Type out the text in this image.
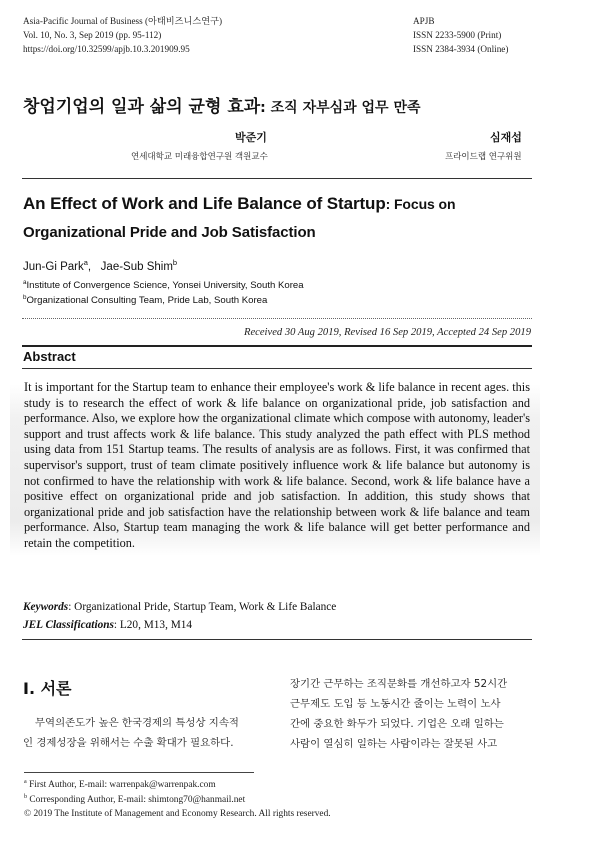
Asia-Pacific Journal of Business (아태비즈니스연구)
Vol. 10, No. 3, Sep 2019 (pp. 95-112)
https://doi.org/10.32599/apjb.10.3.201909.95
APJB
ISSN 2233-5900 (Print)
ISSN 2384-3934 (Online)
창업기업의 일과 삶의 균형 효과: 조직 자부심과 업무 만족
박준기
연세대학교 미래융합연구원 객원교수
심재섭
프라이드랩 연구위원
An Effect of Work and Life Balance of Startup: Focus on
Organizational Pride and Job Satisfaction
Jun-Gi Park$^a$, Jae-Sub Shim$^b$
$^a$Institute of Convergence Science, Yonsei University, South Korea
$^b$Organizational Consulting Team, Pride Lab, South Korea
Received 30 Aug 2019, Revised 16 Sep 2019, Accepted 24 Sep 2019
Abstract
It is important for the Startup team to enhance their employee's work & life balance in recent ages. this study is to research the effect of work & life balance on organizational pride, job satisfaction and performance. Also, we explore how the organizational climate which compose with autonomy, leader's support and trust affects work & life balance. This study analyzed the path effect with PLS method using data from 151 Startup teams. The results of analysis are as follows. First, it was confirmed that supervisor's support, trust of team climate positively influence work & life balance but autonomy is not confirmed to have the relationship with work & life balance. Second, work & life balance have a positive effect on organizational pride and job satisfaction. In addition, this study shows that organizational pride and job satisfaction have the relationship between work & life balance and team performance. Also, Startup team managing the work & life balance will get better performance and retain the competition.
Keywords: Organizational Pride, Startup Team, Work & Life Balance
JEL Classifications: L20, M13, M14
Ⅰ. 서론
무역의존도가 높은 한국경제의 특성상 지속적
인 경제성장을 위해서는 수출 확대가 필요하다.
장기간 근무하는 조직문화를 개선하고자 52시간
근무제도 도입 등 노동시간 줄이는 노력이 노사
간에 중요한 화두가 되었다. 기업은 오래 일하는
사람이 열심히 일하는 사람이라는 잘못된 사고
$^a$ First Author, E-mail: warrenpak@warrenpak.com
$^b$ Corresponding Author, E-mail: shimtong70@hanmail.net
© 2019 The Institute of Management and Economy Research. All rights reserved.
